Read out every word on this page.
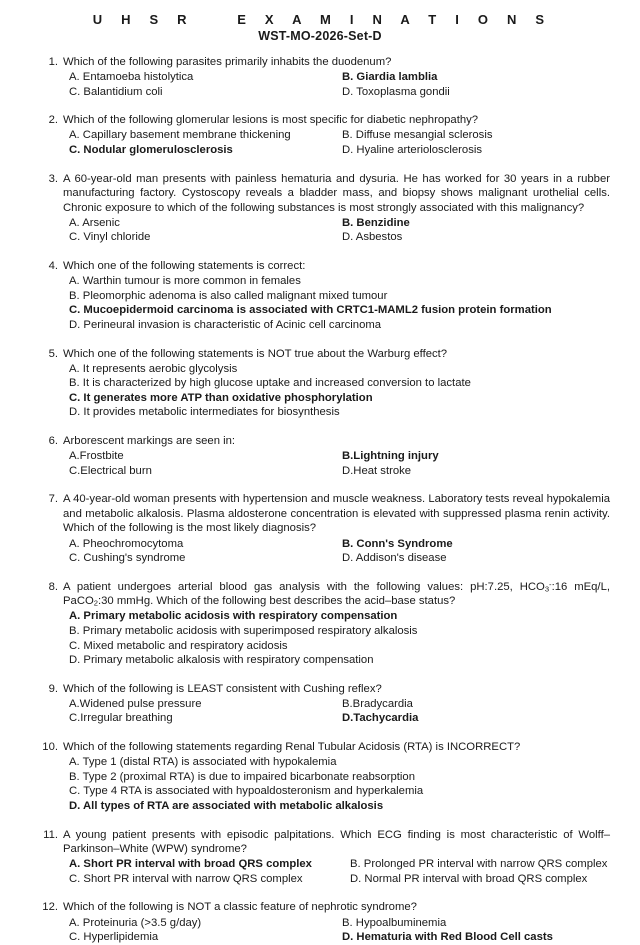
U H S R   E X A M I N A T I O N S
WST-MO-2026-Set-D
1. Which of the following parasites primarily inhabits the duodenum?

A. Entamoeba histolytica	B. Giardia lamblia
C. Balantidium coli	D. Toxoplasma gondii
2. Which of the following glomerular lesions is most specific for diabetic nephropathy?

A. Capillary basement membrane thickening	B. Diffuse mesangial sclerosis
C. Nodular glomerulosclerosis	D. Hyaline arteriolosclerosis
3. A 60-year-old man presents with painless hematuria and dysuria. He has worked for 30 years in a rubber manufacturing factory. Cystoscopy reveals a bladder mass, and biopsy shows malignant urothelial cells. Chronic exposure to which of the following substances is most strongly associated with this malignancy?

A. Arsenic	B. Benzidine
C. Vinyl chloride	D. Asbestos
4. Which one of the following statements is correct:

A. Warthin tumour is more common in females
B. Pleomorphic adenoma is also called malignant mixed tumour
C. Mucoepidermoid carcinoma is associated with CRTC1-MAML2 fusion protein formation
D. Perineural invasion is characteristic of Acinic cell carcinoma
5. Which one of the following statements is NOT true about the Warburg effect?

A. It represents aerobic glycolysis
B. It is characterized by high glucose uptake and increased conversion to lactate
C. It generates more ATP than oxidative phosphorylation
D. It provides metabolic intermediates for biosynthesis
6. Arborescent markings are seen in:

A.Frostbite	B.Lightning injury
C.Electrical burn	D.Heat stroke
7. A 40-year-old woman presents with hypertension and muscle weakness. Laboratory tests reveal hypokalemia and metabolic alkalosis. Plasma aldosterone concentration is elevated with suppressed plasma renin activity. Which of the following is the most likely diagnosis?

A. Pheochromocytoma	B. Conn's Syndrome
C. Cushing's syndrome	D. Addison's disease
8. A patient undergoes arterial blood gas analysis with the following values: pH:7.25, $HCO_3^-:16$ mEq/L, PaCO$_2$:30 mmHg. Which of the following best describes the acid–base status?

A. Primary metabolic acidosis with respiratory compensation
B. Primary metabolic acidosis with superimposed respiratory alkalosis
C. Mixed metabolic and respiratory acidosis
D. Primary metabolic alkalosis with respiratory compensation
9. Which of the following is LEAST consistent with Cushing reflex?

A.Widened pulse pressure	B.Bradycardia
C.Irregular breathing	D.Tachycardia
10. Which of the following statements regarding Renal Tubular Acidosis (RTA) is INCORRECT?

A. Type 1 (distal RTA) is associated with hypokalemia
B. Type 2 (proximal RTA) is due to impaired bicarbonate reabsorption
C. Type 4 RTA is associated with hypoaldosteronism and hyperkalemia
D. All types of RTA are associated with metabolic alkalosis
11. A young patient presents with episodic palpitations. Which ECG finding is most characteristic of Wolff–Parkinson–White (WPW) syndrome?

A. Short PR interval with broad QRS complex	B. Prolonged PR interval with narrow QRS complex
C. Short PR interval with narrow QRS complex	D. Normal PR interval with broad QRS complex
12. Which of the following is NOT a classic feature of nephrotic syndrome?

A. Proteinuria (>3.5 g/day)	B. Hypoalbuminemia
C. Hyperlipidemia	D. Hematuria with Red Blood Cell casts
